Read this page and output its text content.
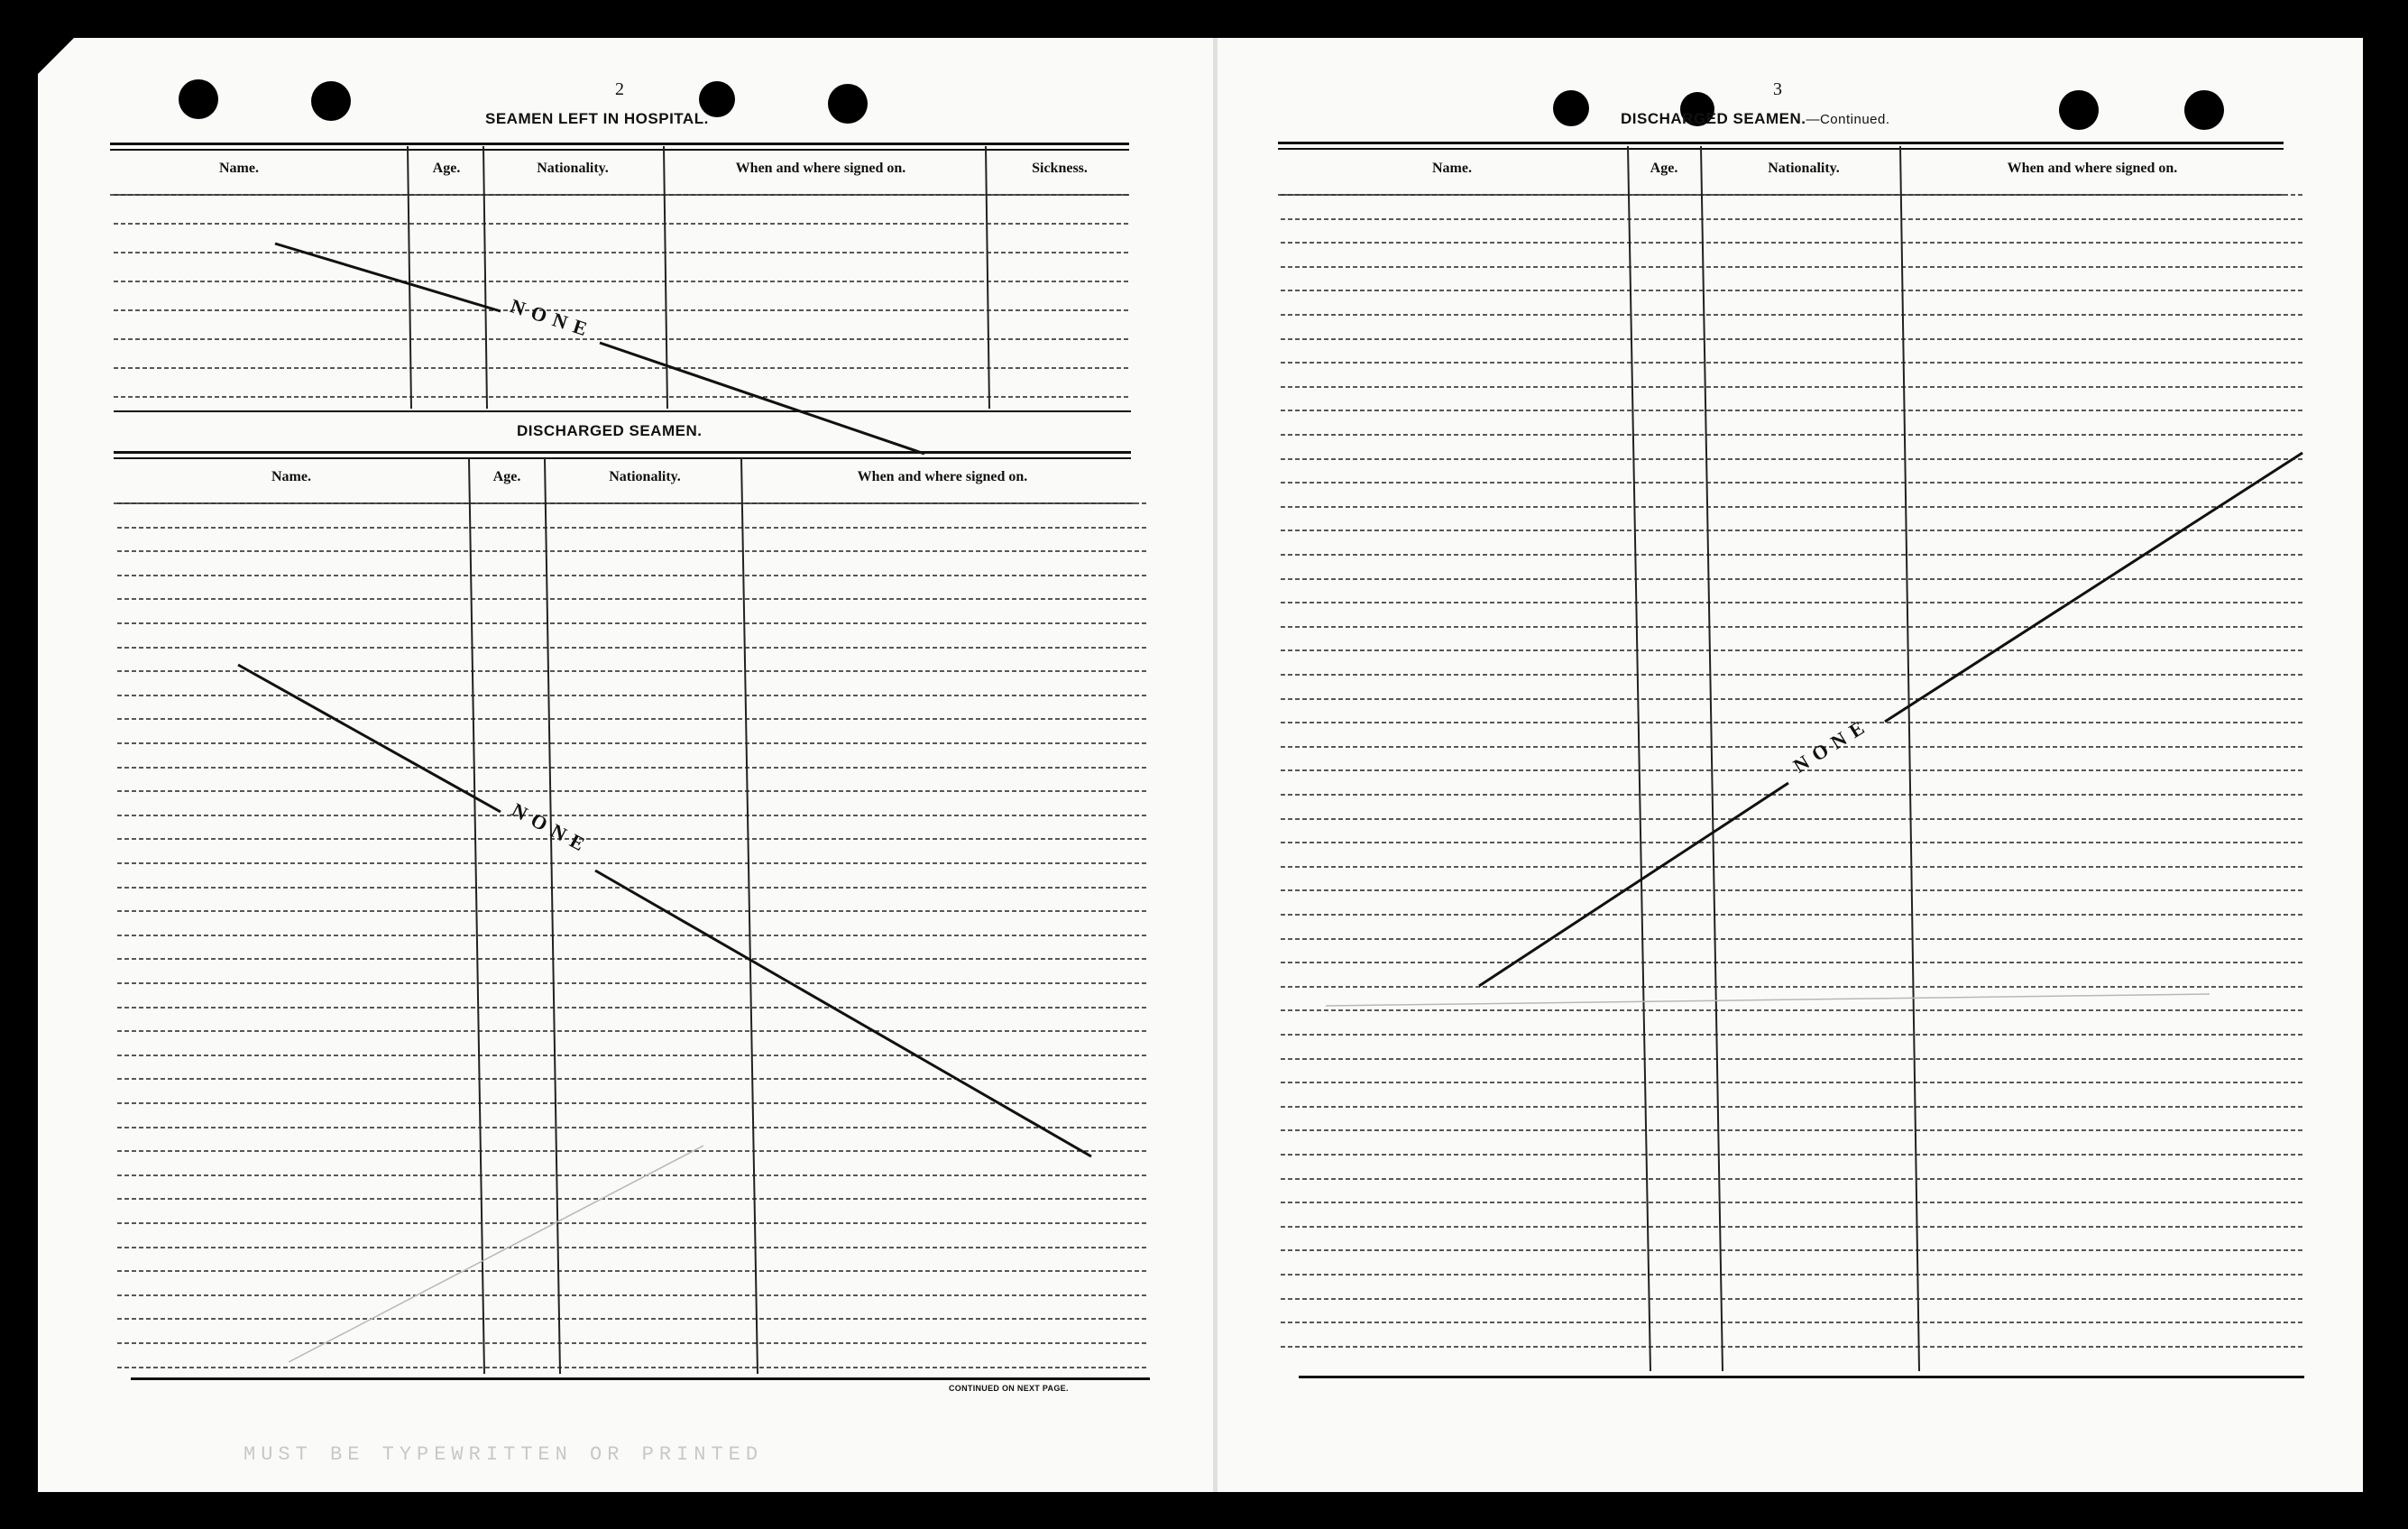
2
SEAMEN LEFT IN HOSPITAL.
Name.	Age.	Nationality.	When and where signed on.	Sickness.
DISCHARGED SEAMEN.
Name.	Age.	Nationality.	When and where signed on.
CONTINUED ON NEXT PAGE.
MUST BE TYPEWRITTEN OR PRINTED
3
DISCHARGED SEAMEN.—Continued.
Name.	Age.	Nationality.	When and where signed on.
NONE
NONE
NONE
